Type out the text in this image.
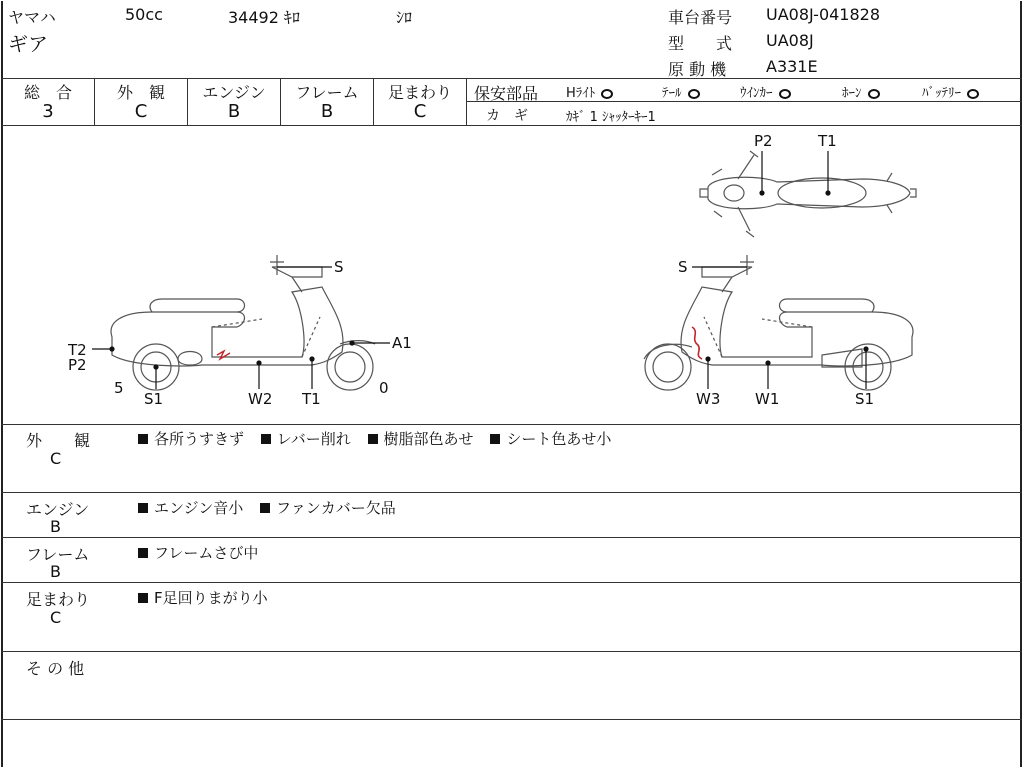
ヤマハ	50cc	34492 ｷﾛ	ｼﾛ
ギア
車台番号 UA08J-041828
型　　式 UA08J
原 動 機 A331E
総　合	外　観	エンジン	フレーム	足まわり
3	C	B	B	C
保安部品 Hﾗｲﾄ	ﾃｰﾙ	ｳｲﾝｶｰ	ﾎｰﾝ	ﾊﾞｯﾃﾘｰ
カ　ギ	ｶｷﾞ 1 ｼｬｯﾀｰｷｰ1
P2	T1
S
A1
T2
P2
5
S1	W2 T1
0
S
W3 W1	S1
外　　観
C
各所うすきず レバー削れ 樹脂部色あせ シート色あせ小
エンジン
B
エンジン音小 ファンカバー欠品
フレーム
B
フレームさび中
足まわり
C
F足回りまがり小
そ の 他
